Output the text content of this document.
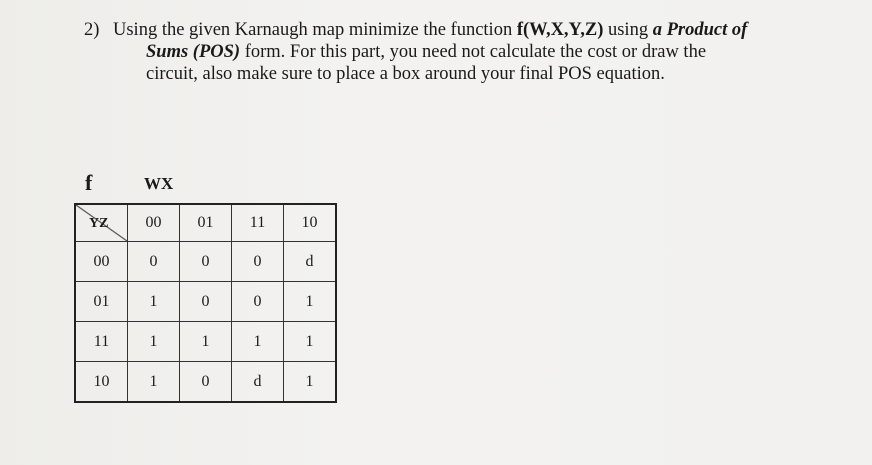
2) Using the given Karnaugh map minimize the function f(W,X,Y,Z) using a Product of
Sums (POS) form. For this part, you need not calculate the cost or draw the
circuit, also make sure to place a box around your final POS equation.
f	WX
YZ	00	01	11	10
00	0	0	0	d
01	1	0	0	1
11	1	1	1	1
10	1	0	d	1
